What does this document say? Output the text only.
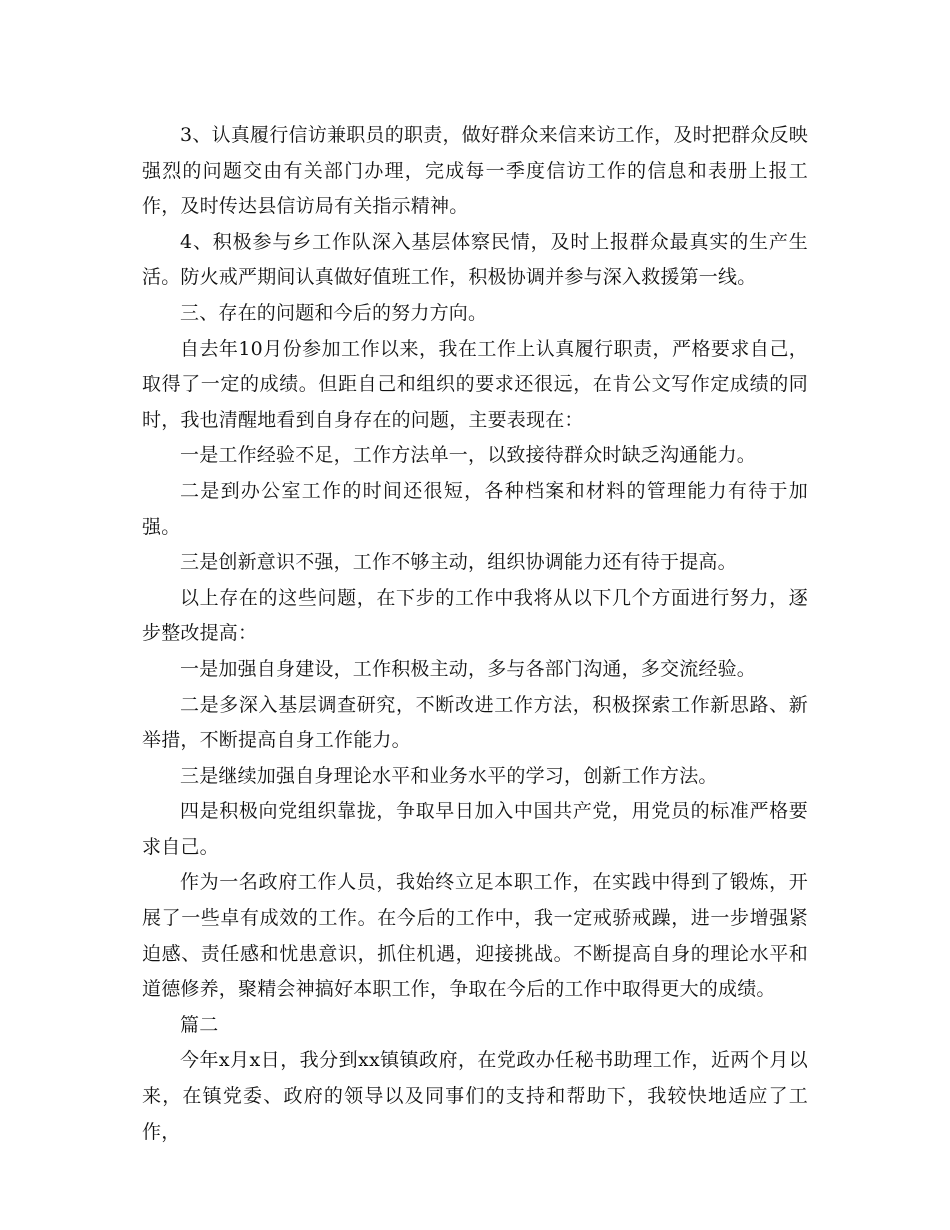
3、认真履行信访兼职员的职责，做好群众来信来访工作，及时把群众反映强烈的问题交由有关部门办理，完成每一季度信访工作的信息和表册上报工作，及时传达县信访局有关指示精神。

4、积极参与乡工作队深入基层体察民情，及时上报群众最真实的生产生活。防火戒严期间认真做好值班工作，积极协调并参与深入救援第一线。

三、存在的问题和今后的努力方向。

自去年10月份参加工作以来，我在工作上认真履行职责，严格要求自己，取得了一定的成绩。但距自己和组织的要求还很远，在肯公文写作定成绩的同时，我也清醒地看到自身存在的问题，主要表现在：

一是工作经验不足，工作方法单一，以致接待群众时缺乏沟通能力。

二是到办公室工作的时间还很短，各种档案和材料的管理能力有待于加强。

三是创新意识不强，工作不够主动，组织协调能力还有待于提高。

以上存在的这些问题，在下步的工作中我将从以下几个方面进行努力，逐步整改提高：

一是加强自身建设，工作积极主动，多与各部门沟通，多交流经验。

二是多深入基层调查研究，不断改进工作方法，积极探索工作新思路、新举措，不断提高自身工作能力。

三是继续加强自身理论水平和业务水平的学习，创新工作方法。

四是积极向党组织靠拢，争取早日加入中国共产党，用党员的标准严格要求自己。

作为一名政府工作人员，我始终立足本职工作，在实践中得到了锻炼，开展了一些卓有成效的工作。在今后的工作中，我一定戒骄戒躁，进一步增强紧迫感、责任感和忧患意识，抓住机遇，迎接挑战。不断提高自身的理论水平和道德修养，聚精会神搞好本职工作，争取在今后的工作中取得更大的成绩。

篇二

今年x月x日，我分到xx镇镇政府，在党政办任秘书助理工作，近两个月以来，在镇党委、政府的领导以及同事们的支持和帮助下，我较快地适应了工作，
